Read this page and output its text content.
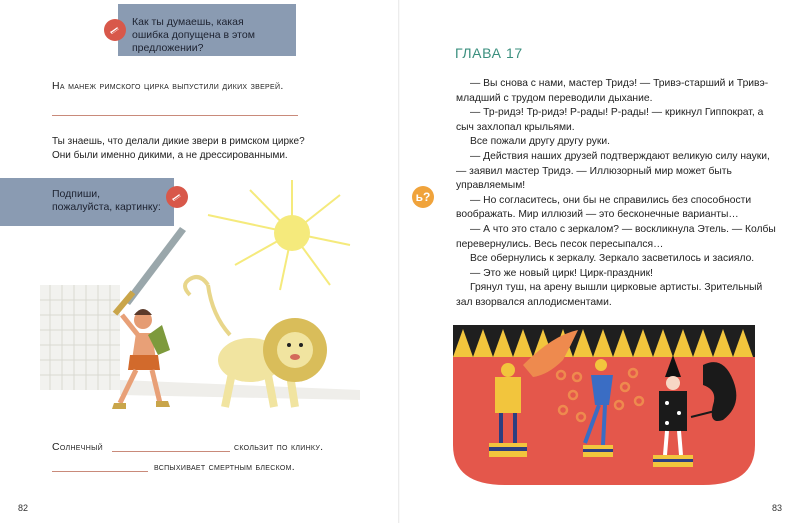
Как ты думаешь, какая ошибка допущена в этом предложении?
На манеж римского цирка выпустили диких зверей.
Ты знаешь, что делали дикие звери в римском цирке?
Они были именно дикими, а не дрессированными.
Подпиши, пожалуйста, картинку:
Солнечный	скользит по клинку.
вспыхивает смертным блеском.
82	83
ГЛАВА 17
ь?

— Вы снова с нами, мастер Тридэ! — Тривэ-старший и Тривэ-младший с трудом переводили дыхание.

— Тр-ридэ! Тр-ридэ! Р-рады! Р-рады! — крикнул Гиппократ, а сыч захлопал крыльями.

Все пожали другу другу руки.

— Действия наших друзей подтверждают великую силу науки, — заявил мастер Тридэ. — Иллюзорный мир может быть управляемым!

— Но согласитесь, они бы не справились без способности воображать. Мир иллюзий — это бесконечные варианты…

— А что это стало с зеркалом? — воскликнула Этель. — Колбы перевернулись. Весь песок пересыпался…

Все обернулись к зеркалу. Зеркало засветилось и засияло.

— Это же новый цирк! Цирк-праздник!

Грянул туш, на арену вышли цирковые артисты. Зрительный зал взорвался аплодисментами.
